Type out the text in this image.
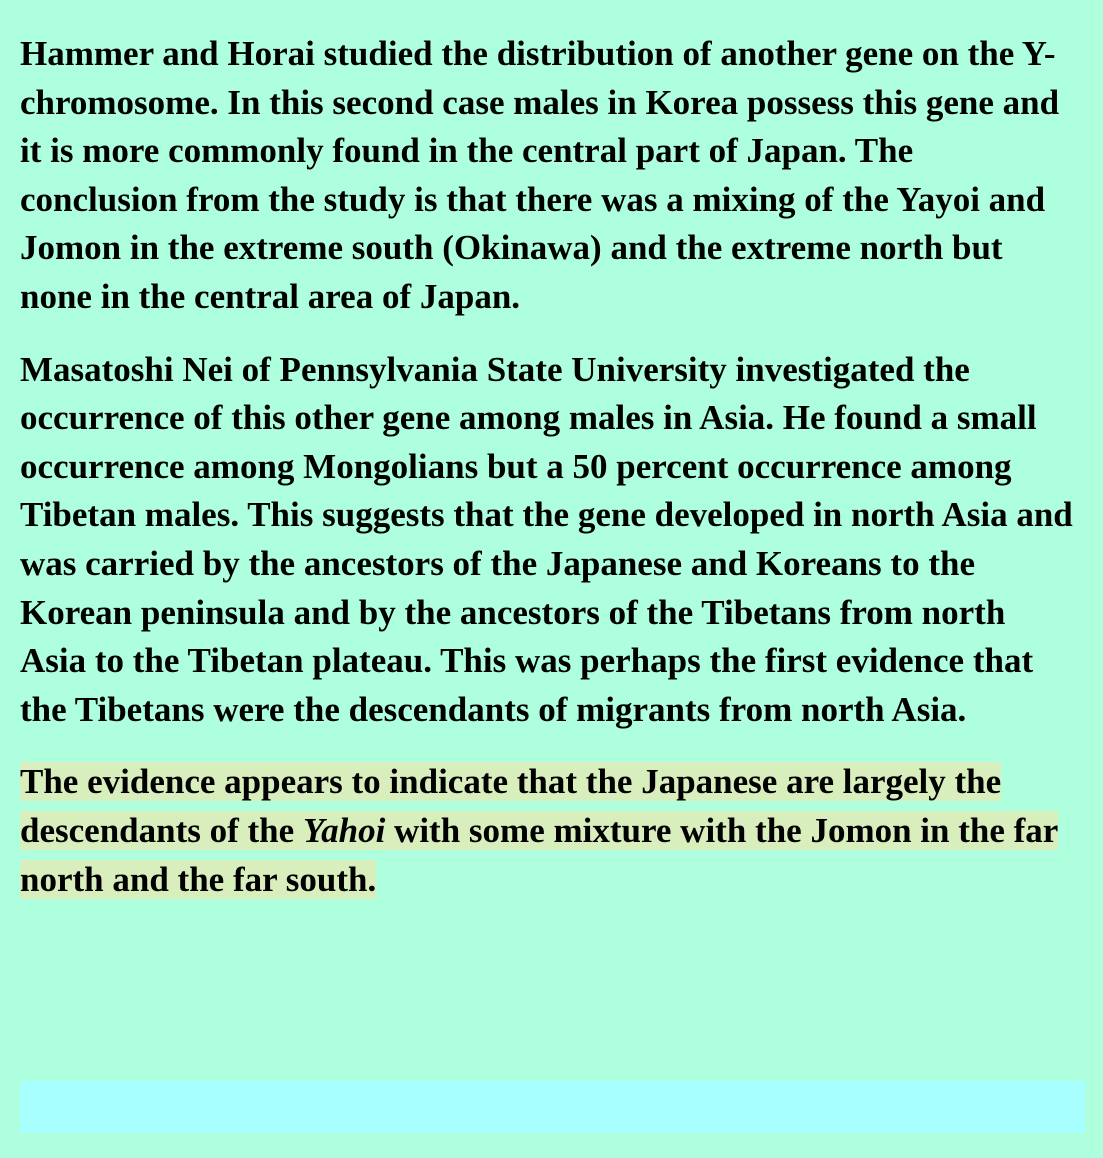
Hammer and Horai studied the distribution of another gene on the Y-chromosome. In this second case males in Korea possess this gene and it is more commonly found in the central part of Japan. The conclusion from the study is that there was a mixing of the Yayoi and Jomon in the extreme south (Okinawa) and the extreme north but none in the central area of Japan.

Masatoshi Nei of Pennsylvania State University investigated the occurrence of this other gene among males in Asia. He found a small occurrence among Mongolians but a 50 percent occurrence among Tibetan males. This suggests that the gene developed in north Asia and was carried by the ancestors of the Japanese and Koreans to the Korean peninsula and by the ancestors of the Tibetans from north Asia to the Tibetan plateau. This was perhaps the first evidence that the Tibetans were the descendants of migrants from north Asia.

The evidence appears to indicate that the Japanese are largely the descendants of the Yahoi with some mixture with the Jomon in the far north and the far south.
